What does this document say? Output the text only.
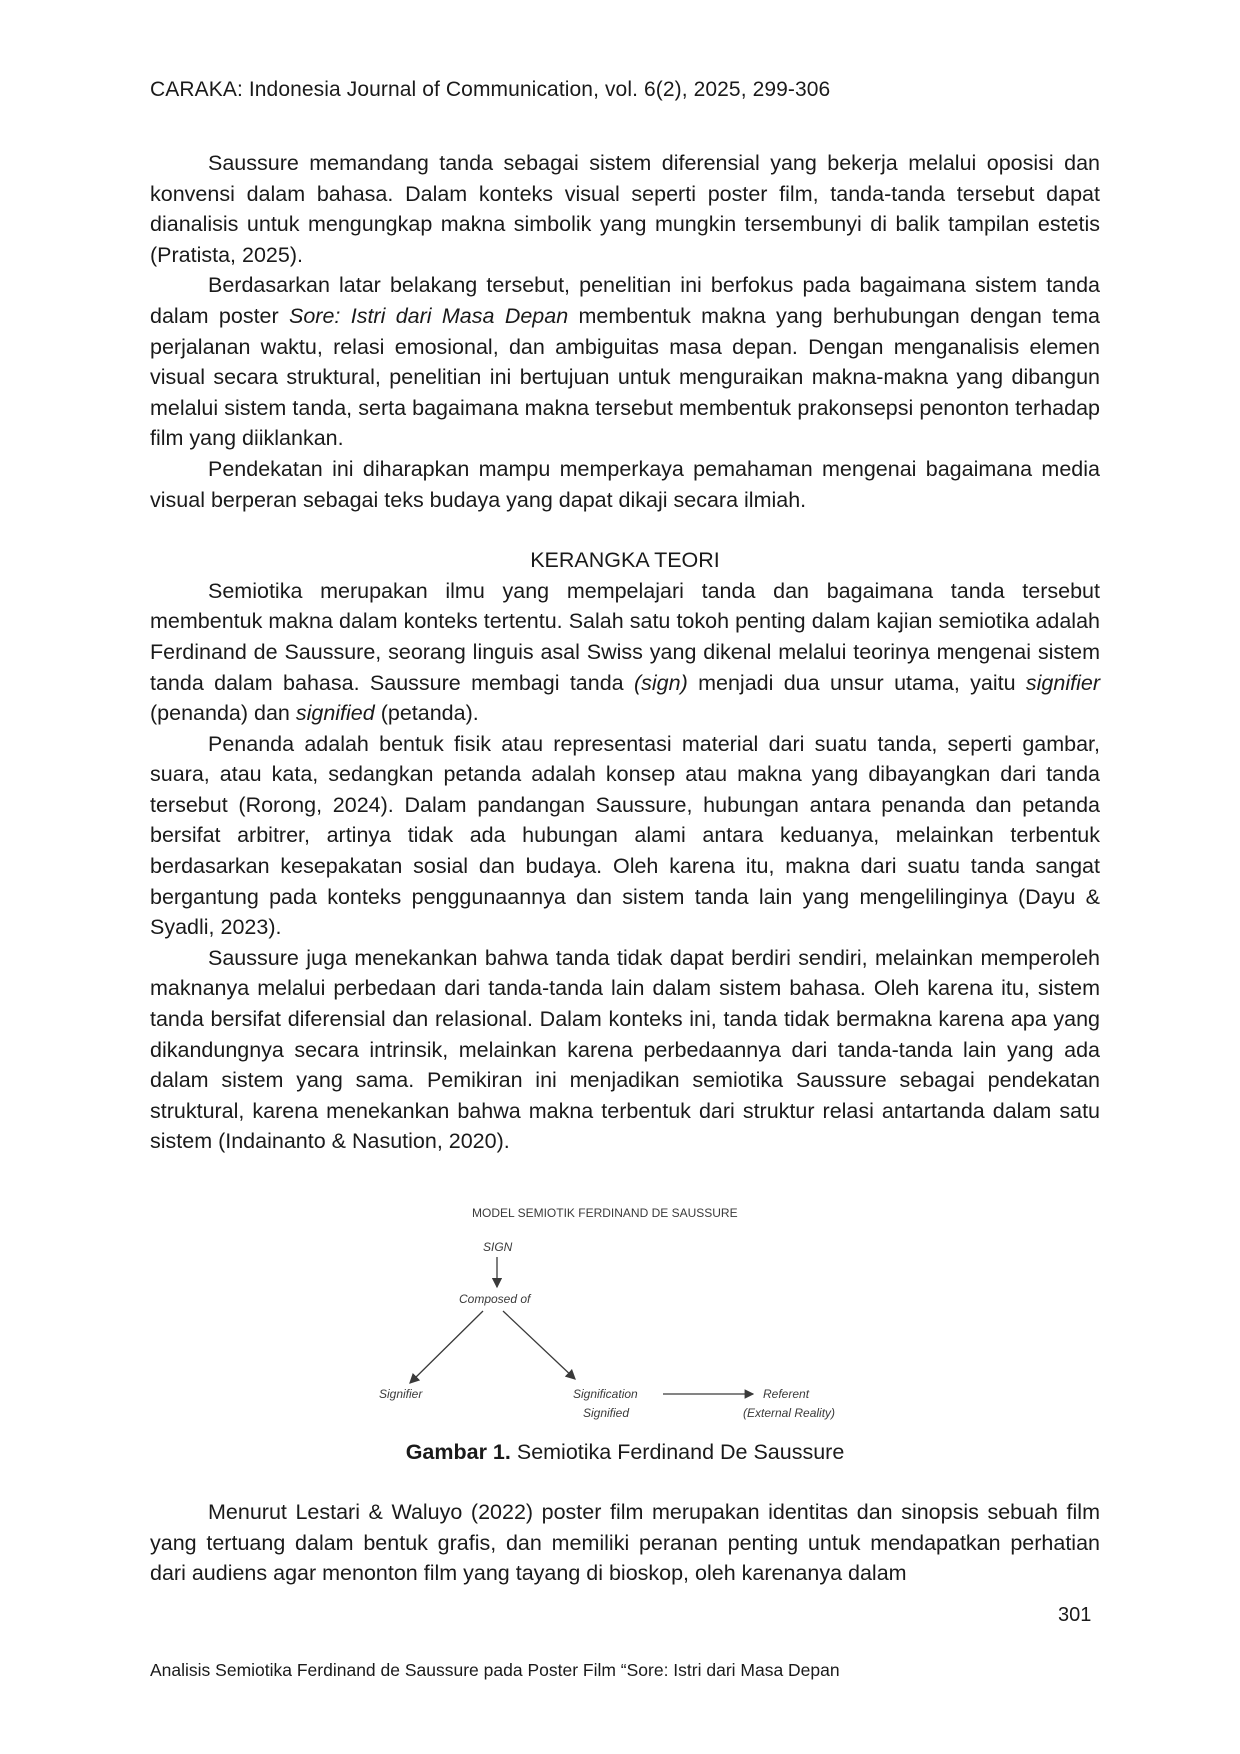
CARAKA: Indonesia Journal of Communication, vol. 6(2), 2025, 299-306

Saussure memandang tanda sebagai sistem diferensial yang bekerja melalui oposisi dan konvensi dalam bahasa. Dalam konteks visual seperti poster film, tanda-tanda tersebut dapat dianalisis untuk mengungkap makna simbolik yang mungkin tersembunyi di balik tampilan estetis (Pratista, 2025).

Berdasarkan latar belakang tersebut, penelitian ini berfokus pada bagaimana sistem tanda dalam poster Sore: Istri dari Masa Depan membentuk makna yang berhubungan dengan tema perjalanan waktu, relasi emosional, dan ambiguitas masa depan. Dengan menganalisis elemen visual secara struktural, penelitian ini bertujuan untuk menguraikan makna-makna yang dibangun melalui sistem tanda, serta bagaimana makna tersebut membentuk prakonsepsi penonton terhadap film yang diiklankan.

Pendekatan ini diharapkan mampu memperkaya pemahaman mengenai bagaimana media visual berperan sebagai teks budaya yang dapat dikaji secara ilmiah.

KERANGKA TEORI

Semiotika merupakan ilmu yang mempelajari tanda dan bagaimana tanda tersebut membentuk makna dalam konteks tertentu. Salah satu tokoh penting dalam kajian semiotika adalah Ferdinand de Saussure, seorang linguis asal Swiss yang dikenal melalui teorinya mengenai sistem tanda dalam bahasa. Saussure membagi tanda (sign) menjadi dua unsur utama, yaitu signifier (penanda) dan signified (petanda).

Penanda adalah bentuk fisik atau representasi material dari suatu tanda, seperti gambar, suara, atau kata, sedangkan petanda adalah konsep atau makna yang dibayangkan dari tanda tersebut (Rorong, 2024). Dalam pandangan Saussure, hubungan antara penanda dan petanda bersifat arbitrer, artinya tidak ada hubungan alami antara keduanya, melainkan terbentuk berdasarkan kesepakatan sosial dan budaya. Oleh karena itu, makna dari suatu tanda sangat bergantung pada konteks penggunaannya dan sistem tanda lain yang mengelilinginya (Dayu & Syadli, 2023).

Saussure juga menekankan bahwa tanda tidak dapat berdiri sendiri, melainkan memperoleh maknanya melalui perbedaan dari tanda-tanda lain dalam sistem bahasa. Oleh karena itu, sistem tanda bersifat diferensial dan relasional. Dalam konteks ini, tanda tidak bermakna karena apa yang dikandungnya secara intrinsik, melainkan karena perbedaannya dari tanda-tanda lain yang ada dalam sistem yang sama. Pemikiran ini menjadikan semiotika Saussure sebagai pendekatan struktural, karena menekankan bahwa makna terbentuk dari struktur relasi antartanda dalam satu sistem (Indainanto & Nasution, 2020).

MODEL SEMIOTIK FERDINAND DE SAUSSURE
SIGN
Composed of
Signifier	Signification
Signified
Referent
(External Reality)
Gambar 1. Semiotika Ferdinand De Saussure

Menurut Lestari & Waluyo (2022) poster film merupakan identitas dan sinopsis sebuah film yang tertuang dalam bentuk grafis, dan memiliki peranan penting untuk mendapatkan perhatian dari audiens agar menonton film yang tayang di bioskop, oleh karenanya dalam

301
Analisis Semiotika Ferdinand de Saussure pada Poster Film “Sore: Istri dari Masa Depan
